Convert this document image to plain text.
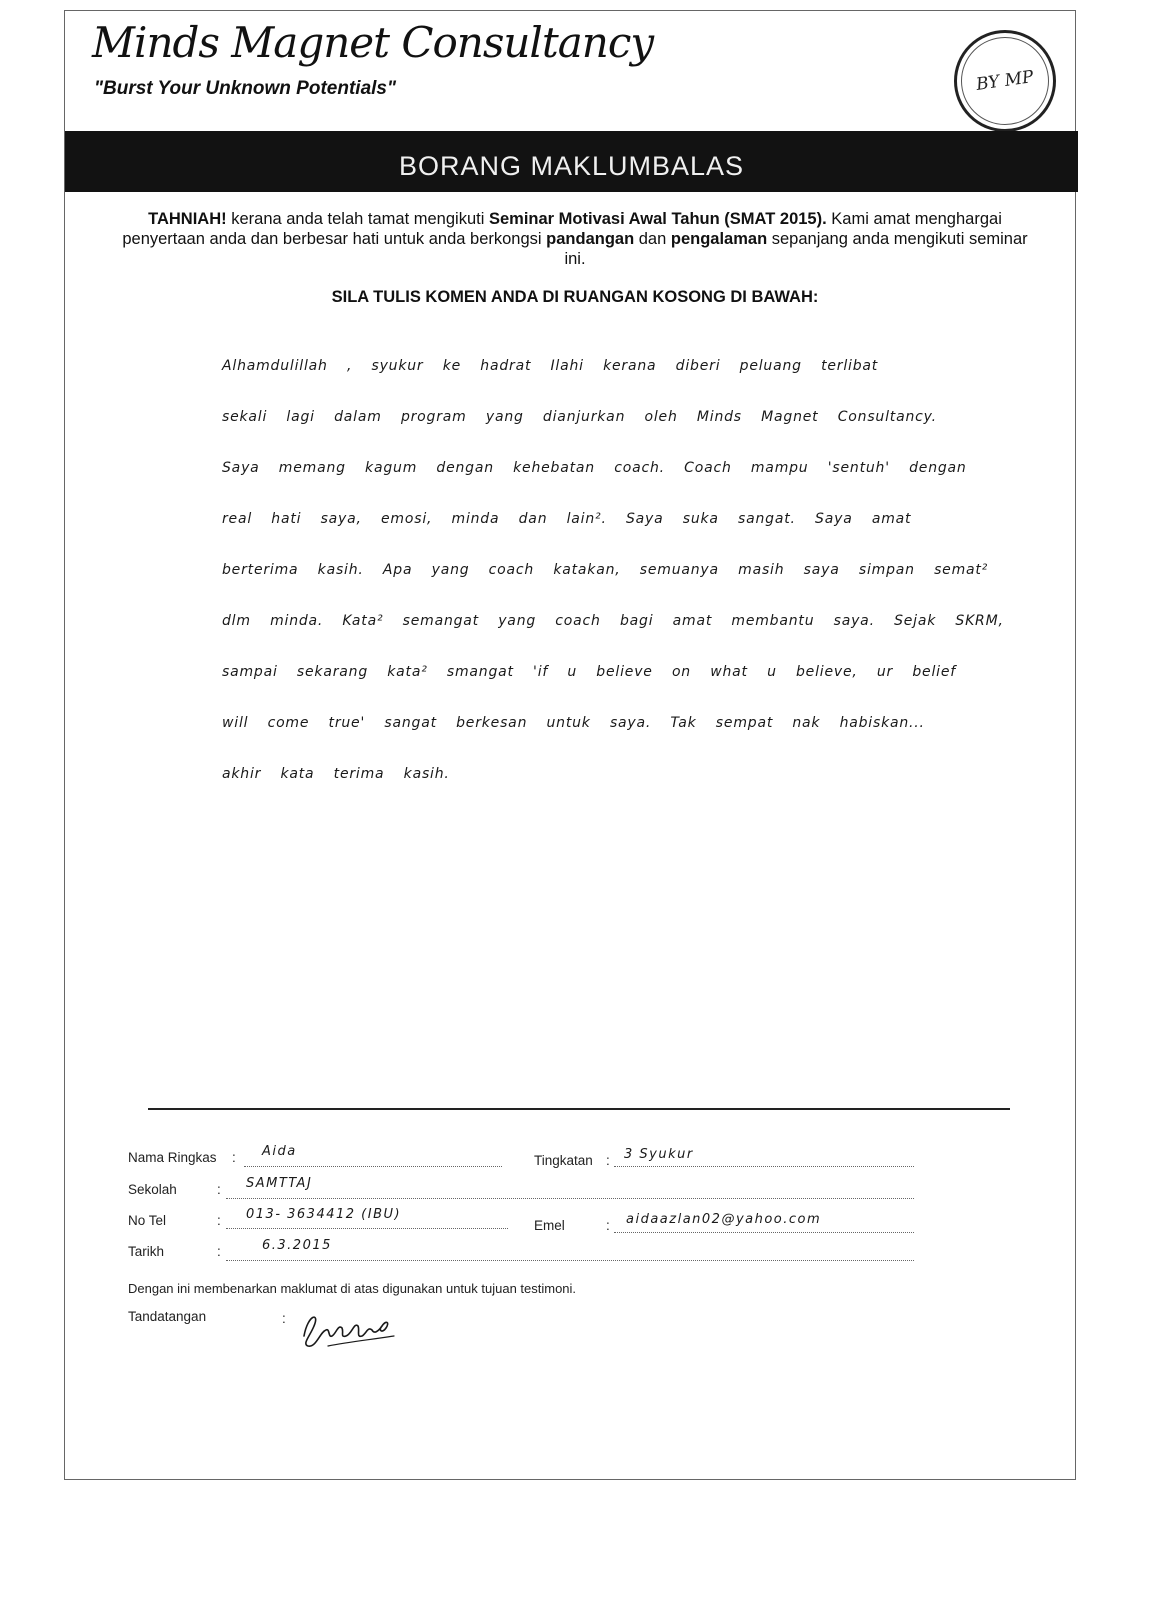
Minds Magnet Consultancy
"Burst Your Unknown Potentials"	BY MP
BORANG MAKLUMBALAS
TAHNIAH! kerana anda telah tamat mengikuti Seminar Motivasi Awal Tahun (SMAT 2015). Kami amat menghargai penyertaan anda dan berbesar hati untuk anda berkongsi pandangan dan pengalaman sepanjang anda mengikuti seminar ini.
SILA TULIS KOMEN ANDA DI RUANGAN KOSONG DI BAWAH:
Alhamdulillah , syukur ke hadrat Ilahi kerana diberi peluang terlibat
sekali lagi dalam program yang dianjurkan oleh Minds Magnet Consultancy.
Saya memang kagum dengan kehebatan coach. Coach mampu 'sentuh' dengan
real hati saya, emosi, minda dan lain². Saya suka sangat. Saya amat
berterima kasih. Apa yang coach katakan, semuanya masih saya simpan semat²
dlm minda. Kata² semangat yang coach bagi amat membantu saya. Sejak SKRM,
sampai sekarang kata² smangat 'if u believe on what u believe, ur belief
will come true' sangat berkesan untuk saya. Tak sempat nak habiskan...
akhir kata terima kasih.
Nama Ringkas : Aida
Tingkatan : 3 Syukur
Sekolah	: SAMTTAJ
No Tel	: 013- 3634412 (IBU)
Emel	: aidaazlan02@yahoo.com
Tarikh	:	6.3.2015
Dengan ini membenarkan maklumat di atas digunakan untuk tujuan testimoni.
Tandatangan	:
